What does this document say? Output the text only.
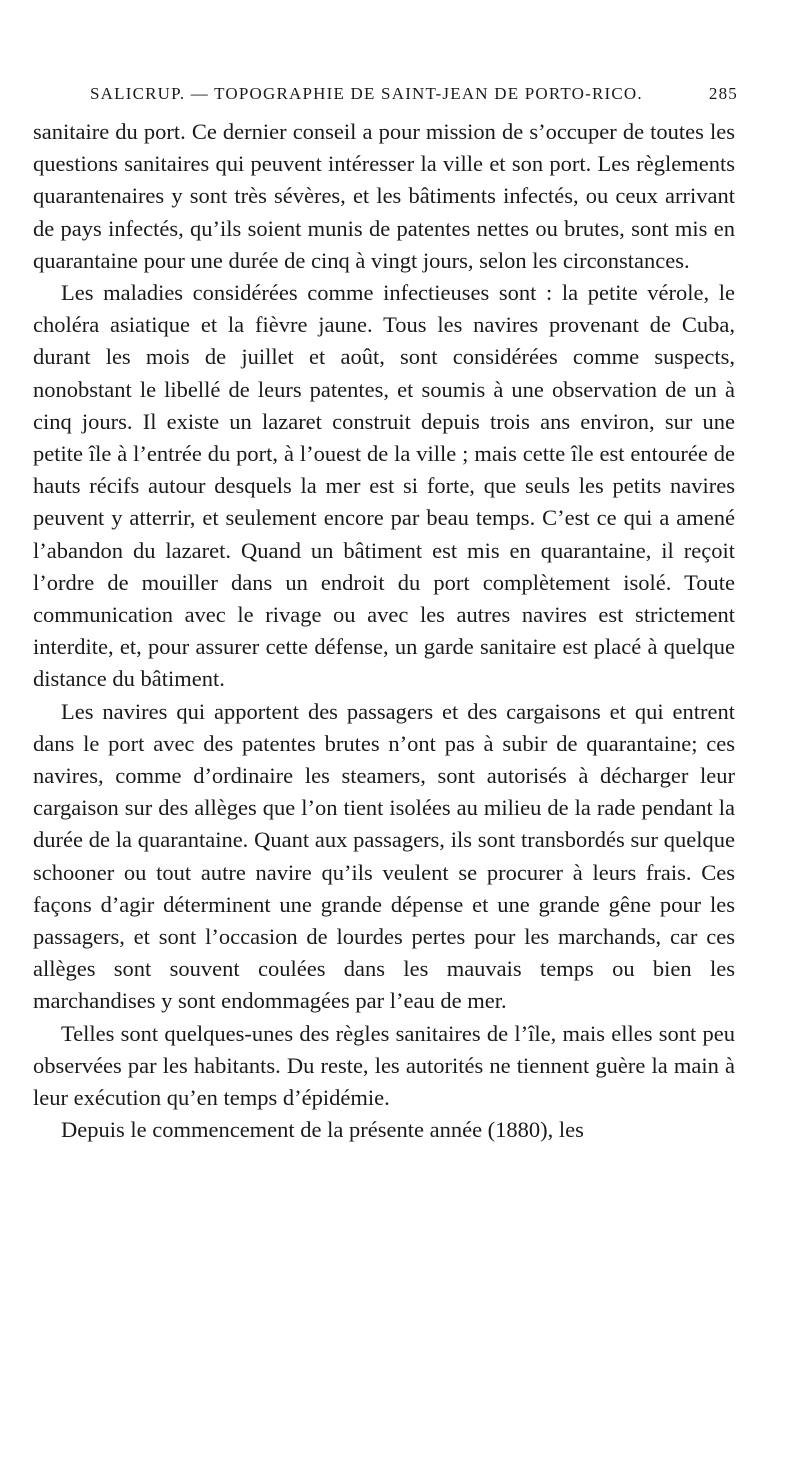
SALICRUP. — TOPOGRAPHIE DE SAINT-JEAN DE PORTO-RICO.	285

sanitaire du port. Ce dernier conseil a pour mission de s’occuper de toutes les questions sanitaires qui peuvent intéresser la ville et son port. Les règlements quarantenaires y sont très sévères, et les bâtiments infectés, ou ceux arrivant de pays infectés, qu’ils soient munis de patentes nettes ou brutes, sont mis en quarantaine pour une durée de cinq à vingt jours, selon les circonstances.

Les maladies considérées comme infectieuses sont : la petite vérole, le choléra asiatique et la fièvre jaune. Tous les navires provenant de Cuba, durant les mois de juillet et août, sont considérées comme suspects, nonobstant le libellé de leurs patentes, et soumis à une observation de un à cinq jours. Il existe un lazaret construit depuis trois ans environ, sur une petite île à l’entrée du port, à l’ouest de la ville ; mais cette île est entourée de hauts récifs autour desquels la mer est si forte, que seuls les petits navires peuvent y atterrir, et seulement encore par beau temps. C’est ce qui a amené l’abandon du lazaret. Quand un bâtiment est mis en quarantaine, il reçoit l’ordre de mouiller dans un endroit du port complètement isolé. Toute communication avec le rivage ou avec les autres navires est strictement interdite, et, pour assurer cette défense, un garde sanitaire est placé à quelque distance du bâtiment.

Les navires qui apportent des passagers et des cargaisons et qui entrent dans le port avec des patentes brutes n’ont pas à subir de quarantaine; ces navires, comme d’ordinaire les steamers, sont autorisés à décharger leur cargaison sur des allèges que l’on tient isolées au milieu de la rade pendant la durée de la quarantaine. Quant aux passagers, ils sont transbordés sur quelque schooner ou tout autre navire qu’ils veulent se procurer à leurs frais. Ces façons d’agir déterminent une grande dépense et une grande gêne pour les passagers, et sont l’occasion de lourdes pertes pour les marchands, car ces allèges sont souvent coulées dans les mauvais temps ou bien les marchandises y sont endommagées par l’eau de mer.

Telles sont quelques-unes des règles sanitaires de l’île, mais elles sont peu observées par les habitants. Du reste, les autorités ne tiennent guère la main à leur exécution qu’en temps d’épidémie.

Depuis le commencement de la présente année (1880), les
